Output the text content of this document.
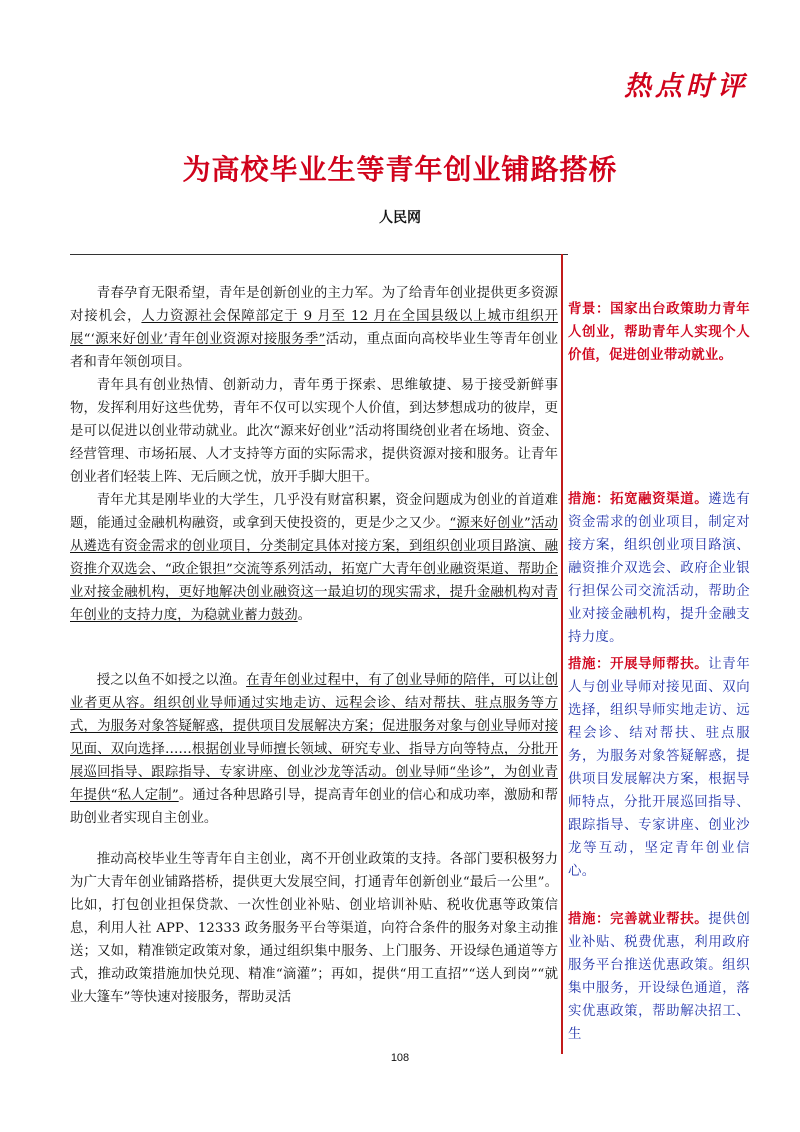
热点时评
为高校毕业生等青年创业铺路搭桥
人民网

青春孕育无限希望，青年是创新创业的主力军。为了给青年创业提供更多资源对接机会，人力资源社会保障部定于 9 月至 12 月在全国县级以上城市组织开展“‘源来好创业’青年创业资源对接服务季”活动，重点面向高校毕业生等青年创业者和青年领创项目。

青年具有创业热情、创新动力，青年勇于探索、思维敏捷、易于接受新鲜事物，发挥利用好这些优势，青年不仅可以实现个人价值，到达梦想成功的彼岸，更是可以促进以创业带动就业。此次“源来好创业”活动将围绕创业者在场地、资金、经营管理、市场拓展、人才支持等方面的实际需求，提供资源对接和服务。让青年创业者们轻装上阵、无后顾之忧，放开手脚大胆干。

青年尤其是刚毕业的大学生，几乎没有财富积累，资金问题成为创业的首道难题，能通过金融机构融资，或拿到天使投资的，更是少之又少。“源来好创业”活动从遴选有资金需求的创业项目，分类制定具体对接方案，到组织创业项目路演、融资推介双选会、“政企银担”交流等系列活动，拓宽广大青年创业融资渠道、帮助企业对接金融机构，更好地解决创业融资这一最迫切的现实需求，提升金融机构对青年创业的支持力度，为稳就业蓄力鼓劲。

授之以鱼不如授之以渔。在青年创业过程中，有了创业导师的陪伴，可以让创业者更从容。组织创业导师通过实地走访、远程会诊、结对帮扶、驻点服务等方式，为服务对象答疑解惑，提供项目发展解决方案；促进服务对象与创业导师对接见面、双向选择……根据创业导师擅长领域、研究专业、指导方向等特点，分批开展巡回指导、跟踪指导、专家讲座、创业沙龙等活动。创业导师“坐诊”，为创业青年提供“私人定制”。通过各种思路引导，提高青年创业的信心和成功率，激励和帮助创业者实现自主创业。

推动高校毕业生等青年自主创业，离不开创业政策的支持。各部门要积极努力为广大青年创业铺路搭桥，提供更大发展空间，打通青年创新创业“最后一公里”。比如，打包创业担保贷款、一次性创业补贴、创业培训补贴、税收优惠等政策信息，利用人社 APP、12333 政务服务平台等渠道，向符合条件的服务对象主动推送；又如，精准锁定政策对象，通过组织集中服务、上门服务、开设绿色通道等方式，推动政策措施加快兑现、精准“滴灌”；再如，提供“用工直招”“送人到岗”“就业大篷车”等快速对接服务，帮助灵活

背景：国家出台政策助力青年人创业，帮助青年人实现个人价值，促进创业带动就业。

措施：拓宽融资渠道。遴选有资金需求的创业项目，制定对接方案，组织创业项目路演、融资推介双选会、政府企业银行担保公司交流活动，帮助企业对接金融机构，提升金融支持力度。

措施：开展导师帮扶。让青年人与创业导师对接见面、双向选择，组织导师实地走访、远程会诊、结对帮扶、驻点服务，为服务对象答疑解惑，提供项目发展解决方案，根据导师特点，分批开展巡回指导、跟踪指导、专家讲座、创业沙龙等互动，坚定青年创业信心。

措施：完善就业帮扶。提供创业补贴、税费优惠，利用政府服务平台推送优惠政策。组织集中服务，开设绿色通道，落实优惠政策，帮助解决招工、生

108
